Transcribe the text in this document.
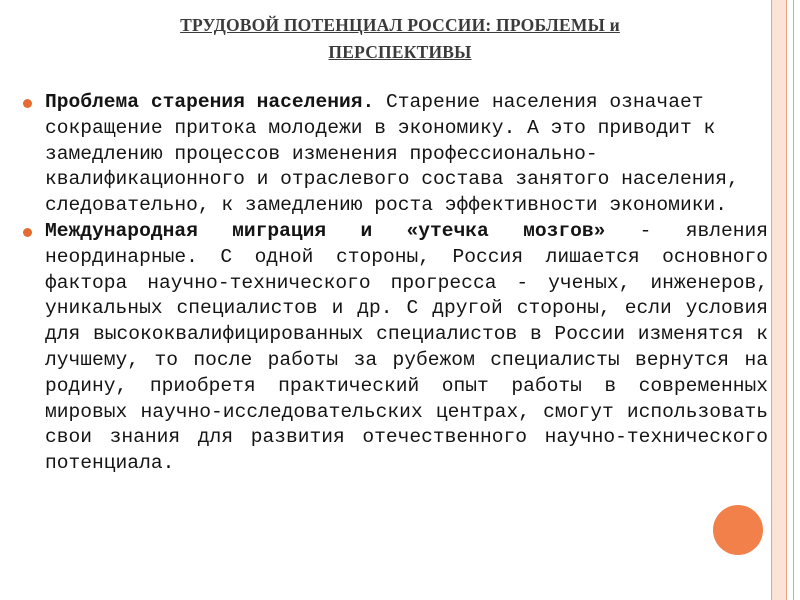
ТРУДОВОЙ ПОТЕНЦИАЛ РОССИИ: ПРОБЛЕМЫ и
ПЕРСПЕКТИВЫ
Проблема старения населения. Старение населения означает сокращение притока молодежи в экономику. А это приводит к замедлению процессов изменения профессионально-квалификационного и отраслевого состава занятого населения, следовательно, к замедлению роста эффективности экономики.
Международная миграция и «утечка мозгов» - явления неординарные. С одной стороны, Россия лишается основного фактора научно-технического прогресса - ученых, инженеров, уникальных специалистов и др. С другой стороны, если условия для высококвалифицированных специалистов в России изменятся к лучшему, то после работы за рубежом специалисты вернутся на родину, приобретя практический опыт работы в современных мировых научно-исследовательских центрах, смогут использовать свои знания для развития отечественного научно-технического потенциала.
